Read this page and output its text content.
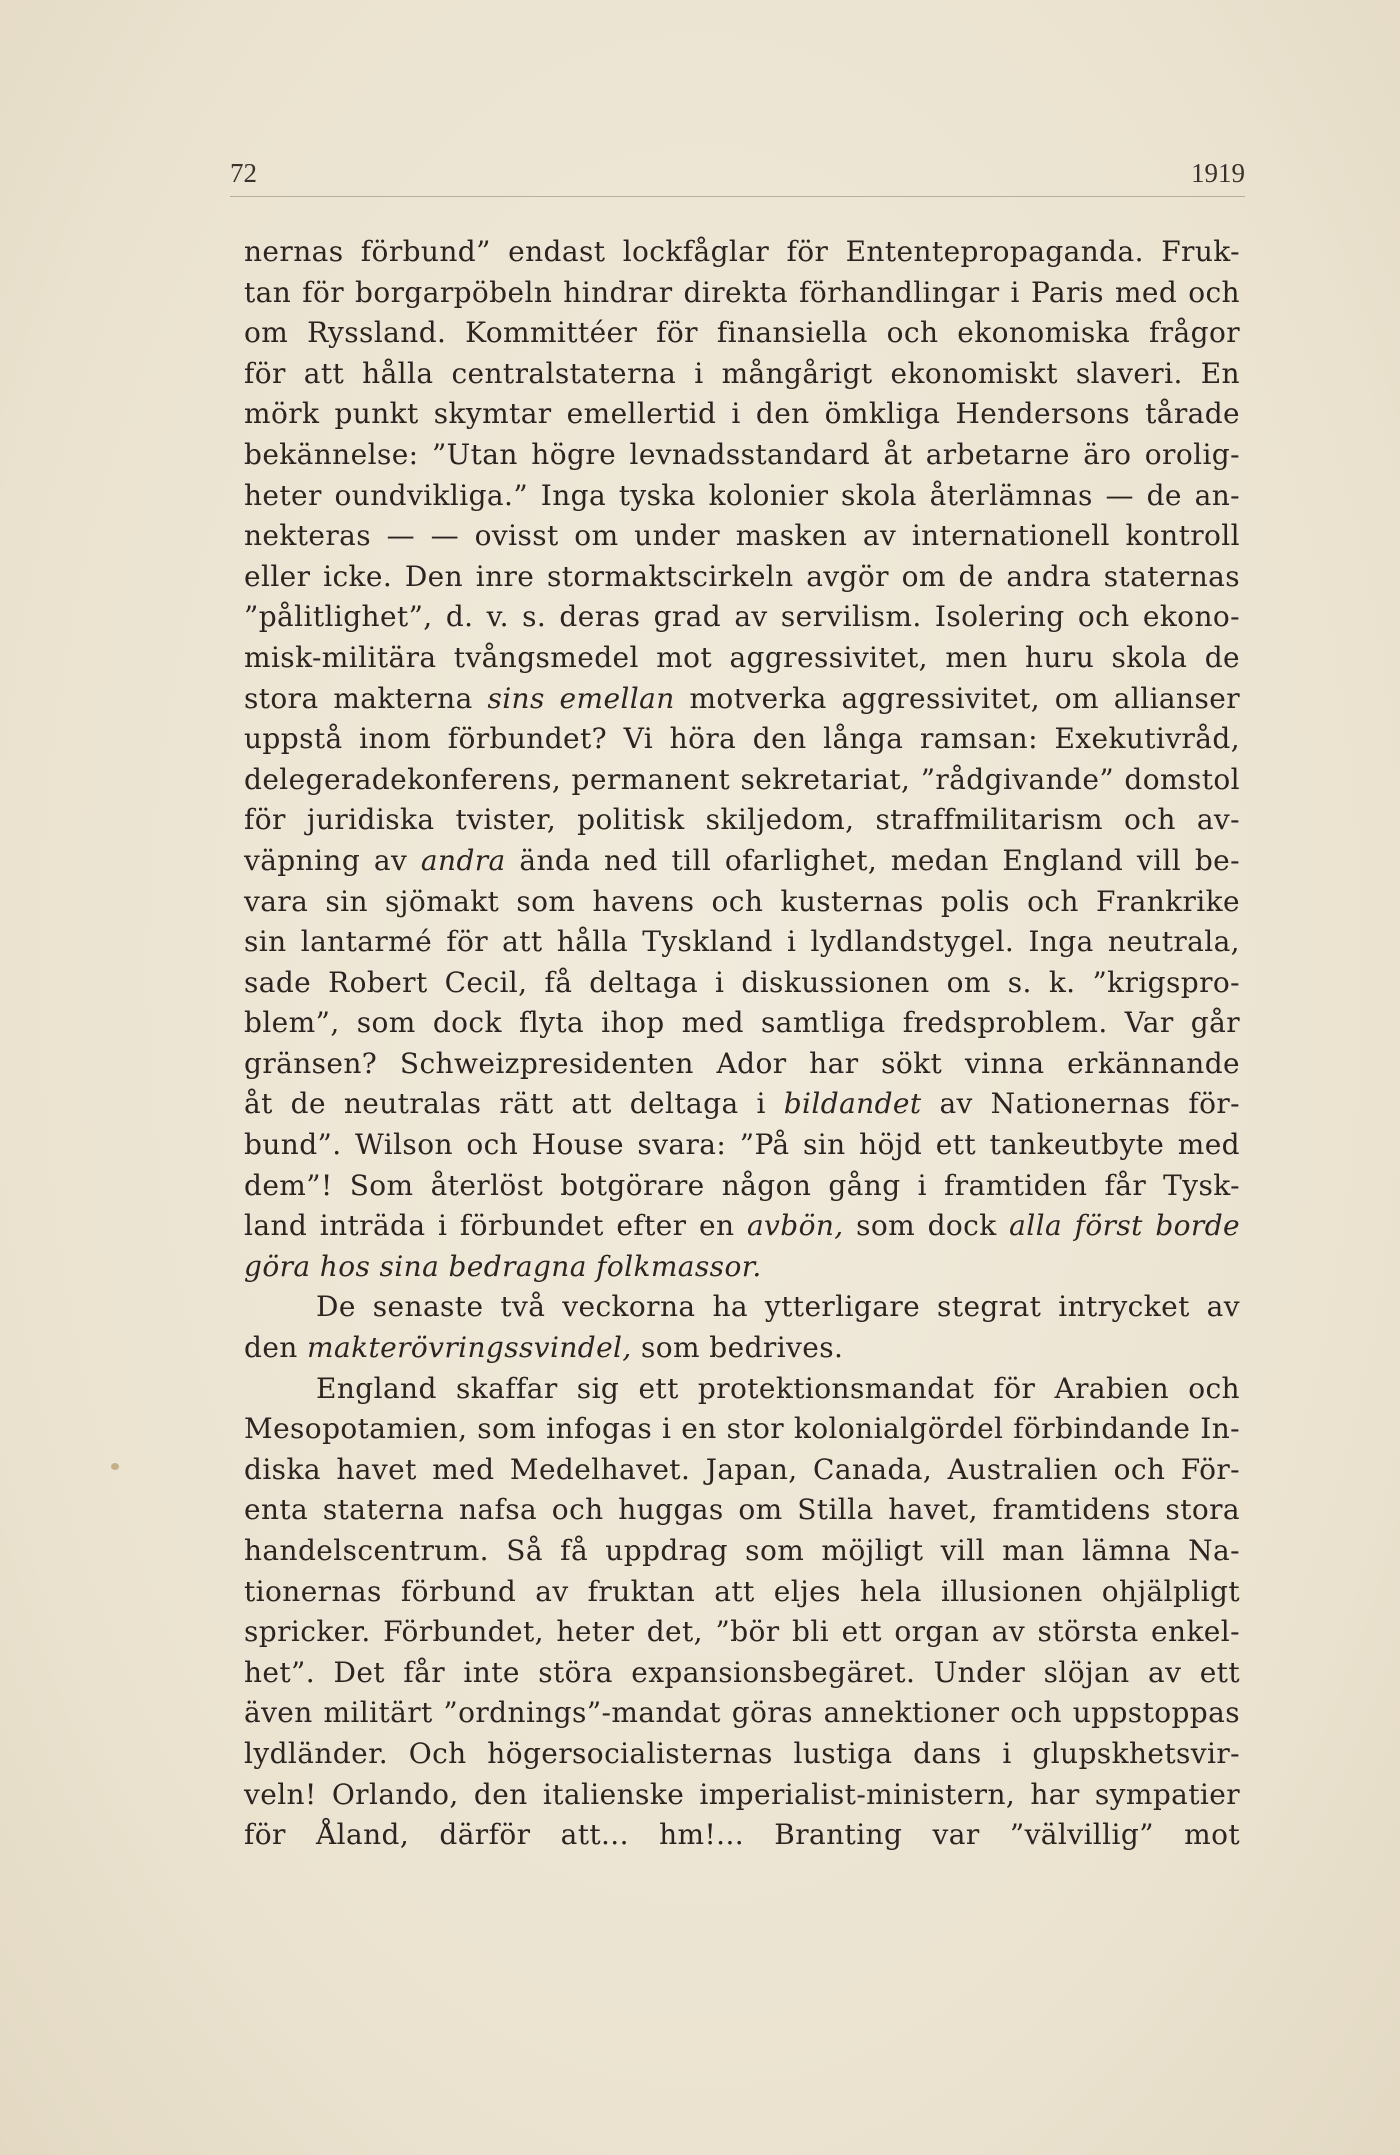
72	1919
nernas förbund” endast lockfåglar för Ententepropaganda. Fruk-
tan för borgarpöbeln hindrar direkta förhandlingar i Paris med och
om Ryssland. Kommittéer för finansiella och ekonomiska frågor
för att hålla centralstaterna i mångårigt ekonomiskt slaveri. En
mörk punkt skymtar emellertid i den ömkliga Hendersons tårade
bekännelse: ”Utan högre levnadsstandard åt arbetarne äro orolig-
heter oundvikliga.” Inga tyska kolonier skola återlämnas — de an-
nekteras — — ovisst om under masken av internationell kontroll
eller icke. Den inre stormaktscirkeln avgör om de andra staternas
”pålitlighet”, d. v. s. deras grad av servilism. Isolering och ekono-
misk-militära tvångsmedel mot aggressivitet, men huru skola de
stora makterna sins emellan motverka aggressivitet, om allianser
uppstå inom förbundet? Vi höra den långa ramsan: Exekutivråd,
delegeradekonferens, permanent sekretariat, ”rådgivande” domstol
för juridiska tvister, politisk skiljedom, straffmilitarism och av-
väpning av andra ända ned till ofarlighet, medan England vill be-
vara sin sjömakt som havens och kusternas polis och Frankrike
sin lantarmé för att hålla Tyskland i lydlandstygel. Inga neutrala,
sade Robert Cecil, få deltaga i diskussionen om s. k. ”krigspro-
blem”, som dock flyta ihop med samtliga fredsproblem. Var går
gränsen? Schweizpresidenten Ador har sökt vinna erkännande
åt de neutralas rätt att deltaga i bildandet av Nationernas för-
bund”. Wilson och House svara: ”På sin höjd ett tankeutbyte med
dem”! Som återlöst botgörare någon gång i framtiden får Tysk-
land inträda i förbundet efter en avbön, som dock alla först borde
göra hos sina bedragna folkmassor.
De senaste två veckorna ha ytterligare stegrat intrycket av
den makterövringssvindel, som bedrives.
England skaffar sig ett protektionsmandat för Arabien och
Mesopotamien, som infogas i en stor kolonialgördel förbindande In-
diska havet med Medelhavet. Japan, Canada, Australien och För-
enta staterna nafsa och huggas om Stilla havet, framtidens stora
handelscentrum. Så få uppdrag som möjligt vill man lämna Na-
tionernas förbund av fruktan att eljes hela illusionen ohjälpligt
spricker. Förbundet, heter det, ”bör bli ett organ av största enkel-
het”. Det får inte störa expansionsbegäret. Under slöjan av ett
även militärt ”ordnings”-mandat göras annektioner och uppstoppas
lydländer. Och högersocialisternas lustiga dans i glupskhetsvir-
veln! Orlando, den italienske imperialist-ministern, har sympatier
för Åland, därför att... hm!... Branting var ”välvillig” mot
